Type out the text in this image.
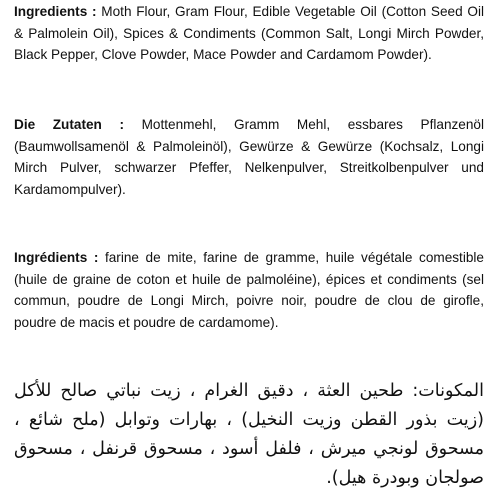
Ingredients : Moth Flour, Gram Flour, Edible Vegetable Oil (Cotton Seed Oil & Palmolein Oil), Spices & Condiments (Common Salt, Longi Mirch Powder, Black Pepper, Clove Powder, Mace Powder and Cardamom Powder).

Die Zutaten : Mottenmehl, Gramm Mehl, essbares Pflanzenöl (Baumwollsamenöl & Palmoleinöl), Gewürze & Gewürze (Kochsalz, Longi Mirch Pulver, schwarzer Pfeffer, Nelkenpulver, Streitkolbenpulver und Kardamompulver).

Ingrédients : farine de mite, farine de gramme, huile végétale comestible (huile de graine de coton et huile de palmoléine), épices et condiments (sel commun, poudre de Longi Mirch, poivre noir, poudre de clou de girofle, poudre de macis et poudre de cardamome).

المكونات: طحين العثة ، دقيق الغرام ، زيت نباتي صالح للأكل (زيت بذور القطن وزيت النخيل) ، بهارات وتوابل (ملح شائع ، مسحوق لونجي ميرش ، فلفل أسود ، مسحوق قرنفل ، مسحوق صولجان وبودرة هيل).
